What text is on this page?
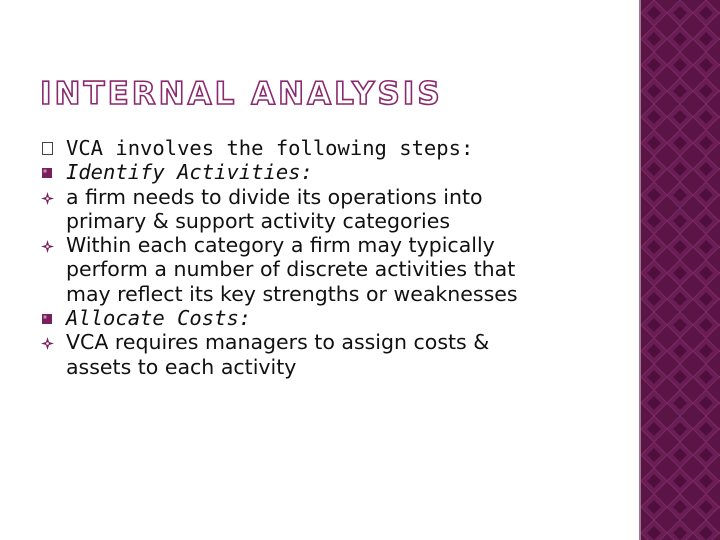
INTERNAL ANALYSIS
VCA involves the following steps:
Identify Activities:
a firm needs to divide its operations into
primary & support activity categories
Within each category a firm may typically
perform a number of discrete activities that
may reflect its key strengths or weaknesses
Allocate Costs:
VCA requires managers to assign costs &
assets to each activity
